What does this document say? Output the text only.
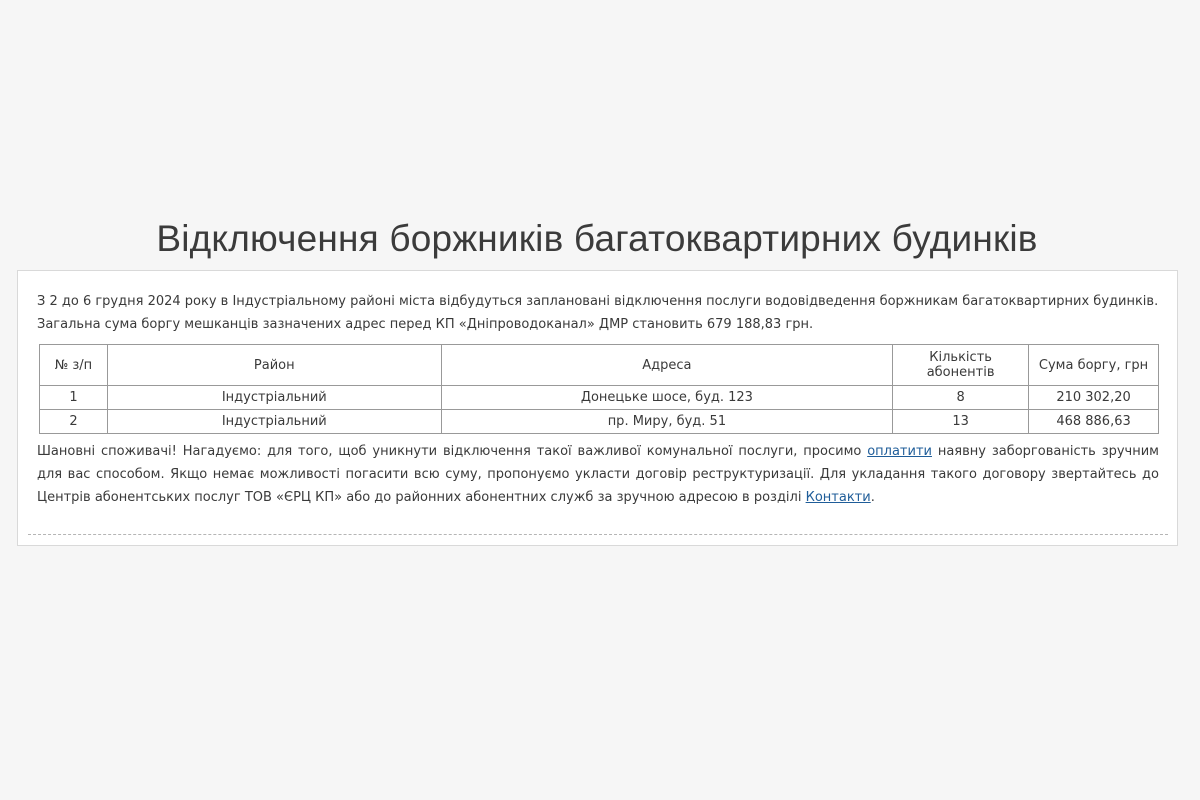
Відключення боржників багатоквартирних будинків

З 2 до 6 грудня 2024 року в Індустріальному районі міста відбудуться заплановані відключення послуги водовідведення боржникам багатоквартирних будинків.
Загальна сума боргу мешканців зазначених адрес перед КП «Дніпроводоканал» ДМР становить 679 188,83 грн.

№ з/п	Район	Адреса	Кількість абонентів	Сума боргу, грн
1	Індустріальний	Донецьке шосе, буд. 123	8	210 302,20
2	Індустріальний	пр. Миру, буд. 51	13	468 886,63

Шановні споживачі! Нагадуємо: для того, щоб уникнути відключення такої важливої комунальної послуги, просимо оплатити наявну заборгованість зручним для вас способом. Якщо немає можливості погасити всю суму, пропонуємо укласти договір реструктуризації. Для укладання такого договору звертайтесь до Центрів абонентських послуг ТОВ «ЄРЦ КП» або до районних абонентних служб за зручною адресою в розділі Контакти.
